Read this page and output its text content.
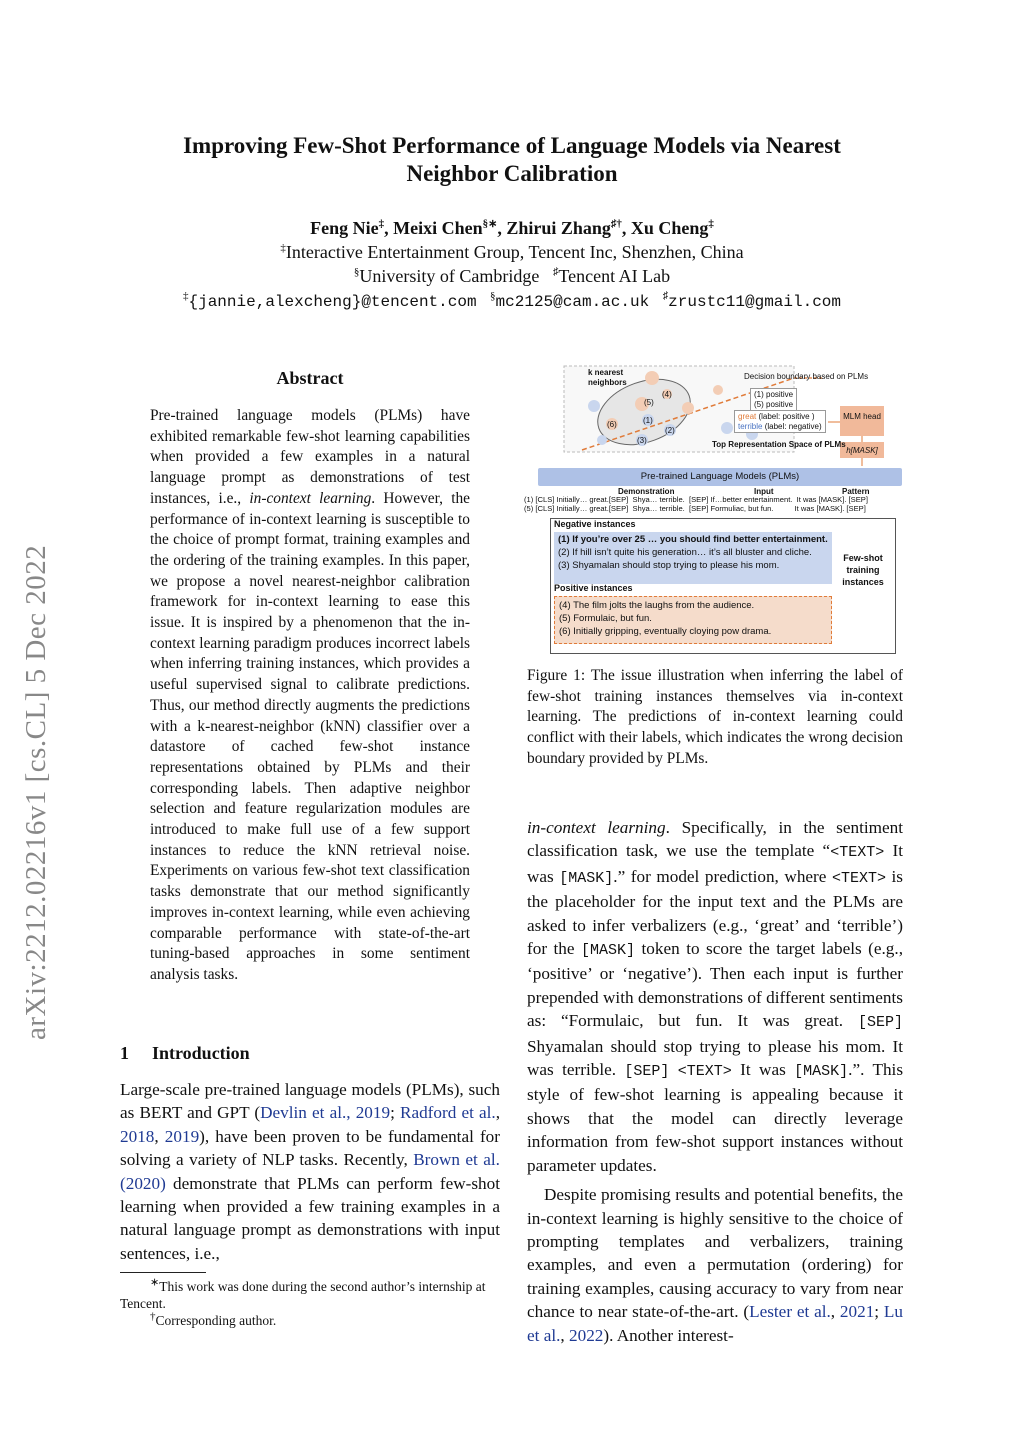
Improving Few-Shot Performance of Language Models via Nearest
Neighbor Calibration
Feng Nie‡, Meixi Chen§∗, Zhirui Zhang♯†, Xu Cheng‡
‡Interactive Entertainment Group, Tencent Inc, Shenzhen, China
§University of Cambridge ♯Tencent AI Lab
‡{jannie,alexcheng}@tencent.com §mc2125@cam.ac.uk ♯zrustc11@gmail.com
arXiv:2212.02216v1 [cs.CL] 5 Dec 2022
Abstract
Pre-trained language models (PLMs) have exhibited remarkable few-shot learning capabilities when provided a few examples in a natural language prompt as demonstrations of test instances, i.e., in-context learning. However, the performance of in-context learning is susceptible to the choice of prompt format, training examples and the ordering of the training examples. In this paper, we propose a novel nearest-neighbor calibration framework for in-context learning to ease this issue. It is inspired by a phenomenon that the in-context learning paradigm produces incorrect labels when inferring training instances, which provides a useful supervised signal to calibrate predictions. Thus, our method directly augments the predictions with a k-nearest-neighbor (kNN) classifier over a datastore of cached few-shot instance representations obtained by PLMs and their corresponding labels. Then adaptive neighbor selection and feature regularization modules are introduced to make full use of a few support instances to reduce the kNN retrieval noise. Experiments on various few-shot text classification tasks demonstrate that our method significantly improves in-context learning, while even achieving comparable performance with state-of-the-art tuning-based approaches in some sentiment analysis tasks.
1 Introduction
Large-scale pre-trained language models (PLMs), such as BERT and GPT (Devlin et al., 2019; Radford et al., 2018, 2019), have been proven to be fundamental for solving a variety of NLP tasks. Recently, Brown et al. (2020) demonstrate that PLMs can perform few-shot learning when provided a few training examples in a natural language prompt as demonstrations with input sentences, i.e.,
∗This work was done during the second author’s internship at Tencent.
†Corresponding author.
k nearest
neighbors
Decision boundary based on PLMs
(1) positive
(5) positive
great (label: positive )
terrible (label: negative)
Top Representation Space of PLMs
MLM head
h[MASK]
(5)
(1)
(2)
(3)
(6)
(4)
Pre-trained Language Models (PLMs)
Demonstration	Input	Pattern
(1) [CLS] Initially… great.[SEP]  Shya… terrible.  [SEP] If…better entertainment.  It was [MASK]. [SEP]
(5) [CLS] Initially… great.[SEP]  Shya… terrible.  [SEP] Formuliac, but fun.          It was [MASK]. [SEP]
Negative instances
(1) If you’re over 25 … you should find better entertainment.
(2) If hill isn’t quite his generation… it’s all bluster and cliche.
(3) Shyamalan should stop trying to please his mom.
Positive instances
(4) The film jolts the laughs from the audience.
(5) Formulaic, but fun.
(6) Initially gripping, eventually cloying pow drama.
Few-shot training instances
Figure 1: The issue illustration when inferring the label of few-shot training instances themselves via in-context learning. The predictions of in-context learning could conflict with their labels, which indicates the wrong decision boundary provided by PLMs.

in-context learning. Specifically, in the sentiment classification task, we use the template “<TEXT> It was [MASK].” for model prediction, where <TEXT> is the placeholder for the input text and the PLMs are asked to infer verbalizers (e.g., ‘great’ and ‘terrible’) for the [MASK] token to score the target labels (e.g., ‘positive’ or ‘negative’). Then each input is further prepended with demonstrations of different sentiments as: “Formulaic, but fun. It was great. [SEP] Shyamalan should stop trying to please his mom. It was terrible. [SEP] <TEXT> It was [MASK].”. This style of few-shot learning is appealing because it shows that the model can directly leverage information from few-shot support instances without parameter updates.

Despite promising results and potential benefits, the in-context learning is highly sensitive to the choice of prompting templates and verbalizers, training examples, and even a permutation (ordering) for training examples, causing accuracy to vary from near chance to near state-of-the-art. (Lester et al., 2021; Lu et al., 2022). Another interest-
